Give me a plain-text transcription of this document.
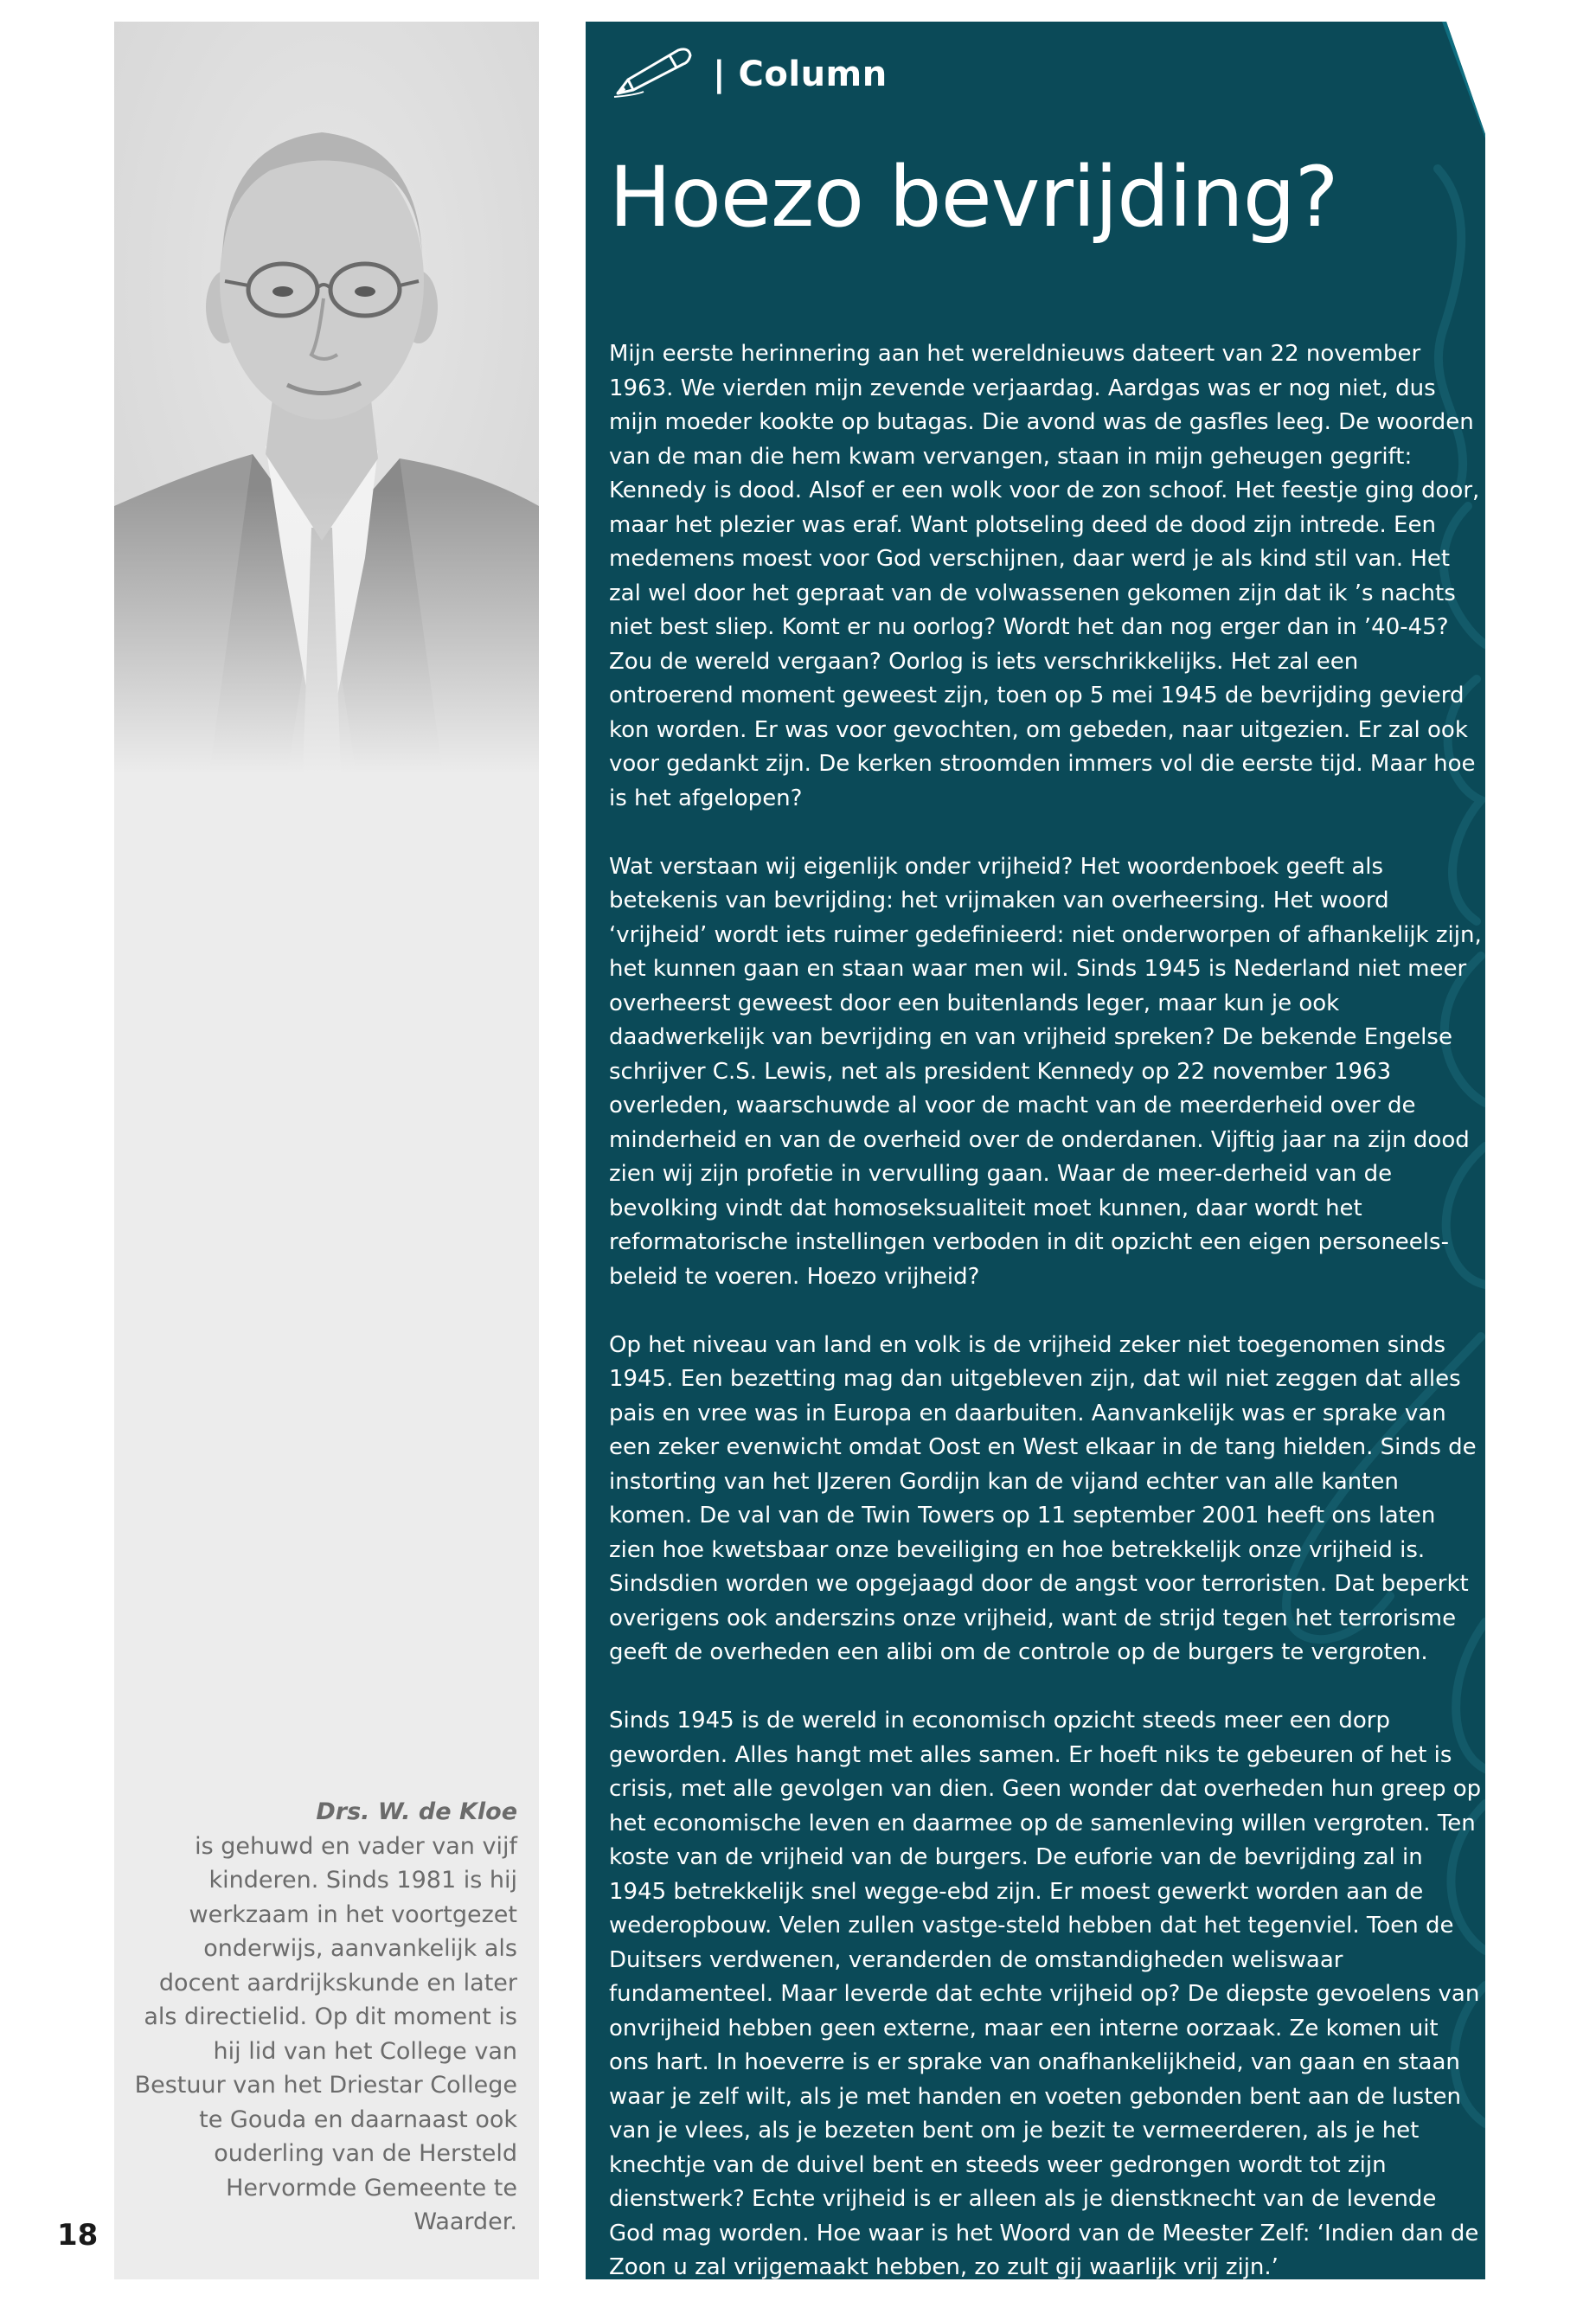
Drs. W. de Kloe
is gehuwd en vader van vijf kinderen. Sinds 1981 is hij werkzaam in het voortgezet onderwijs, aanvankelijk als docent aardrijkskunde en later als directielid. Op dit moment is hij lid van het College van Bestuur van het Driestar College te Gouda en daarnaast ook ouderling van de Hersteld Hervormde Gemeente te Waarder.
18
| Column
Hoezo bevrijding?

Mijn eerste herinnering aan het wereldnieuws dateert van 22 november 1963. We vierden mijn zevende verjaardag. Aardgas was er nog niet, dus mijn moeder kookte op butagas. Die avond was de gasfles leeg. De woorden van de man die hem kwam vervangen, staan in mijn geheugen gegrift: Kennedy is dood. Alsof er een wolk voor de zon schoof. Het feestje ging door, maar het plezier was eraf. Want plotseling deed de dood zijn intrede. Een medemens moest voor God verschijnen, daar werd je als kind stil van. Het zal wel door het gepraat van de volwassenen gekomen zijn dat ik ’s nachts niet best sliep. Komt er nu oorlog? Wordt het dan nog erger dan in ’40-45? Zou de wereld vergaan? Oorlog is iets verschrikkelijks. Het zal een ontroerend moment geweest zijn, toen op 5 mei 1945 de bevrijding gevierd kon worden. Er was voor gevochten, om gebeden, naar uitgezien. Er zal ook voor gedankt zijn. De kerken stroomden immers vol die eerste tijd. Maar hoe is het afgelopen?

Wat verstaan wij eigenlijk onder vrijheid? Het woordenboek geeft als betekenis van bevrijding: het vrijmaken van overheersing. Het woord ‘vrijheid’ wordt iets ruimer gedefinieerd: niet onderworpen of afhankelijk zijn, het kunnen gaan en staan waar men wil. Sinds 1945 is Nederland niet meer overheerst geweest door een buitenlands leger, maar kun je ook daadwerkelijk van bevrijding en van vrijheid spreken? De bekende Engelse schrijver C.S. Lewis, net als president Kennedy op 22 november 1963 overleden, waarschuwde al voor de macht van de meerderheid over de minderheid en van de overheid over de onderdanen. Vijftig jaar na zijn dood zien wij zijn profetie in vervulling gaan. Waar de meer-derheid van de bevolking vindt dat homoseksualiteit moet kunnen, daar wordt het reformatorische instellingen verboden in dit opzicht een eigen personeels-beleid te voeren. Hoezo vrijheid?

Op het niveau van land en volk is de vrijheid zeker niet toegenomen sinds 1945. Een bezetting mag dan uitgebleven zijn, dat wil niet zeggen dat alles pais en vree was in Europa en daarbuiten. Aanvankelijk was er sprake van een zeker evenwicht omdat Oost en West elkaar in de tang hielden. Sinds de instorting van het IJzeren Gordijn kan de vijand echter van alle kanten komen. De val van de Twin Towers op 11 september 2001 heeft ons laten zien hoe kwetsbaar onze beveiliging en hoe betrekkelijk onze vrijheid is. Sindsdien worden we opgejaagd door de angst voor terroristen. Dat beperkt overigens ook anderszins onze vrijheid, want de strijd tegen het terrorisme geeft de overheden een alibi om de controle op de burgers te vergroten.

Sinds 1945 is de wereld in economisch opzicht steeds meer een dorp geworden. Alles hangt met alles samen. Er hoeft niks te gebeuren of het is crisis, met alle gevolgen van dien. Geen wonder dat overheden hun greep op het economische leven en daarmee op de samenleving willen vergroten. Ten koste van de vrijheid van de burgers. De euforie van de bevrijding zal in 1945 betrekkelijk snel wegge-ebd zijn. Er moest gewerkt worden aan de wederopbouw. Velen zullen vastge-steld hebben dat het tegenviel. Toen de Duitsers verdwenen, veranderden de omstandigheden weliswaar fundamenteel. Maar leverde dat echte vrijheid op? De diepste gevoelens van onvrijheid hebben geen externe, maar een interne oorzaak. Ze komen uit ons hart. In hoeverre is er sprake van onafhankelijkheid, van gaan en staan waar je zelf wilt, als je met handen en voeten gebonden bent aan de lusten van je vlees, als je bezeten bent om je bezit te vermeerderen, als je het knechtje van de duivel bent en steeds weer gedrongen wordt tot zijn dienstwerk? Echte vrijheid is er alleen als je dienstknecht van de levende God mag worden. Hoe waar is het Woord van de Meester Zelf: ‘Indien dan de Zoon u zal vrijgemaakt hebben, zo zult gij waarlijk vrij zijn.’
